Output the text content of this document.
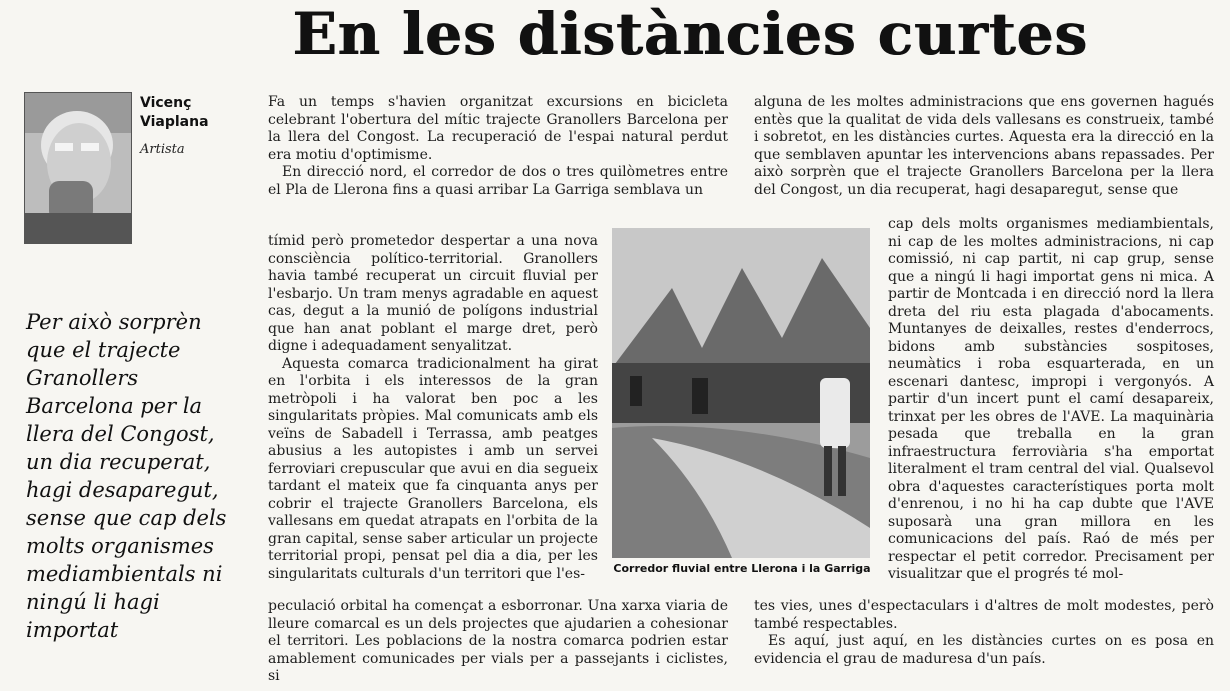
En les distàncies curtes
Vicenç
Viaplana
Artista
Per això sorprèn que el trajecte Granollers Barcelona per la llera del Congost, un dia recuperat, hagi desaparegut, sense que cap dels molts organismes mediambientals ni ningú li hagi importat

Fa un temps s'havien organitzat excursions en bicicleta celebrant l'obertura del mític trajecte Granollers Barcelona per la llera del Congost. La recuperació de l'espai natural perdut era motiu d'optimisme.

En direcció nord, el corredor de dos o tres quilòmetres entre el Pla de Llerona fins a quasi arribar La Garriga semblava un

tímid però prometedor despertar a una nova consciència político-territorial. Granollers havia també recuperat un circuit fluvial per l'esbarjo. Un tram menys agradable en aquest cas, degut a la munió de polígons industrial que han anat poblant el marge dret, però digne i adequadament senyalitzat.

Aquesta comarca tradicionalment ha girat en l'orbita i els interessos de la gran metròpoli i ha valorat ben poc a les singularitats pròpies. Mal comunicats amb els veïns de Sabadell i Terrassa, amb peatges abusius a les autopistes i amb un servei ferroviari crepuscular que avui en dia segueix tardant el mateix que fa cinquanta anys per cobrir el trajecte Granollers Barcelona, els vallesans em quedat atrapats en l'orbita de la gran capital, sense saber articular un projecte territorial propi, pensat pel dia a dia, per les singularitats culturals d'un territori que l'es-	Corredor fluvial entre Llerona i la Garriga

peculació orbital ha començat a esborronar. Una xarxa viaria de lleure comarcal es un dels projectes que ajudarien a cohesionar el territori. Les poblacions de la nostra comarca podrien estar amablement comunicades per vials per a passejants i ciclistes, si

alguna de les moltes administracions que ens governen hagués entès que la qualitat de vida dels vallesans es construeix, també i sobretot, en les distàncies curtes. Aquesta era la direcció en la que semblaven apuntar les intervencions abans repassades. Per això sorprèn que el trajecte Granollers Barcelona per la llera del Congost, un dia recuperat, hagi desaparegut, sense que

cap dels molts organismes mediambientals, ni cap de les moltes administracions, ni cap comissió, ni cap partit, ni cap grup, sense que a ningú li hagi importat gens ni mica. A partir de Montcada i en direcció nord la llera dreta del riu esta plagada d'abocaments. Muntanyes de deixalles, restes d'enderrocs, bidons amb substàncies sospitoses, neumàtics i roba esquarterada, en un escenari dantesc, impropi i vergonyós. A partir d'un incert punt el camí desapareix, trinxat per les obres de l'AVE. La maquinària pesada que treballa en la gran infraestructura ferroviària s'ha emportat literalment el tram central del vial. Qualsevol obra d'aquestes característiques porta molt d'enrenou, i no hi ha cap dubte que l'AVE suposarà una gran millora en les comunicacions del país. Raó de més per respectar el petit corredor. Precisament per visualitzar que el progrés té mol-

tes vies, unes d'espectaculars i d'altres de molt modestes, però també respectables.

Es aquí, just aquí, en les distàncies curtes on es posa en evidencia el grau de maduresa d'un país.
